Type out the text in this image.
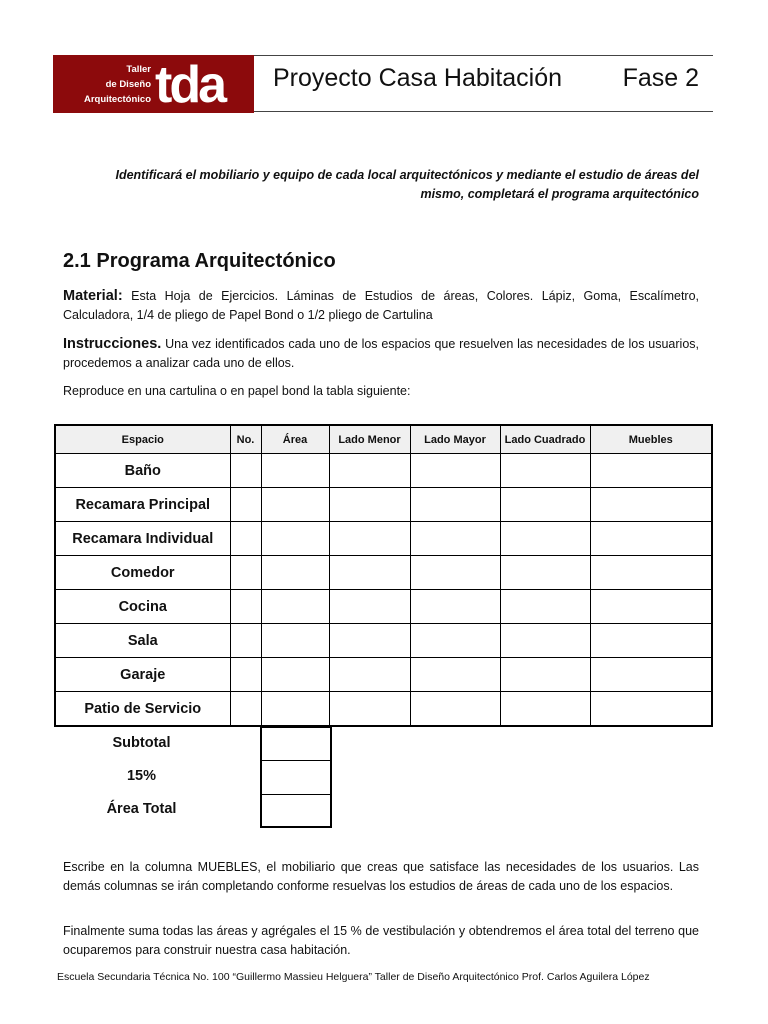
Taller
de Diseño
Arquitectónico tda Proyecto Casa Habitación Fase 2
Identificará el mobiliario y equipo de cada local arquitectónicos y mediante el estudio de áreas del mismo, completará el programa arquitectónico
2.1 Programa Arquitectónico
Material: Esta Hoja de Ejercicios. Láminas de Estudios de áreas, Colores. Lápiz, Goma, Escalímetro, Calculadora, 1/4 de pliego de Papel Bond o 1/2 pliego de Cartulina
Instrucciones. Una vez identificados cada uno de los espacios que resuelven las necesidades de los usuarios, procedemos a analizar cada uno de ellos.
Reproduce en una cartulina o en papel bond la tabla siguiente:
Espacio	No.	Área	Lado Menor	Lado Mayor	Lado Cuadrado	Muebles
Baño						
Recamara Principal						
Recamara Individual						
Comedor						
Cocina						
Sala						
Garaje						
Patio de Servicio						
Subtotal
15%
Área Total
Escribe en la columna MUEBLES, el mobiliario que creas que satisface las necesidades de los usuarios. Las demás columnas se irán completando conforme resuelvas los estudios de áreas de cada uno de los espacios.
Finalmente suma todas las áreas y agrégales el 15 % de vestibulación y obtendremos el área total del terreno que ocuparemos para construir nuestra casa habitación.
Escuela Secundaria Técnica No. 100 “Guillermo Massieu Helguera” Taller de Diseño Arquitectónico Prof. Carlos Aguilera López
